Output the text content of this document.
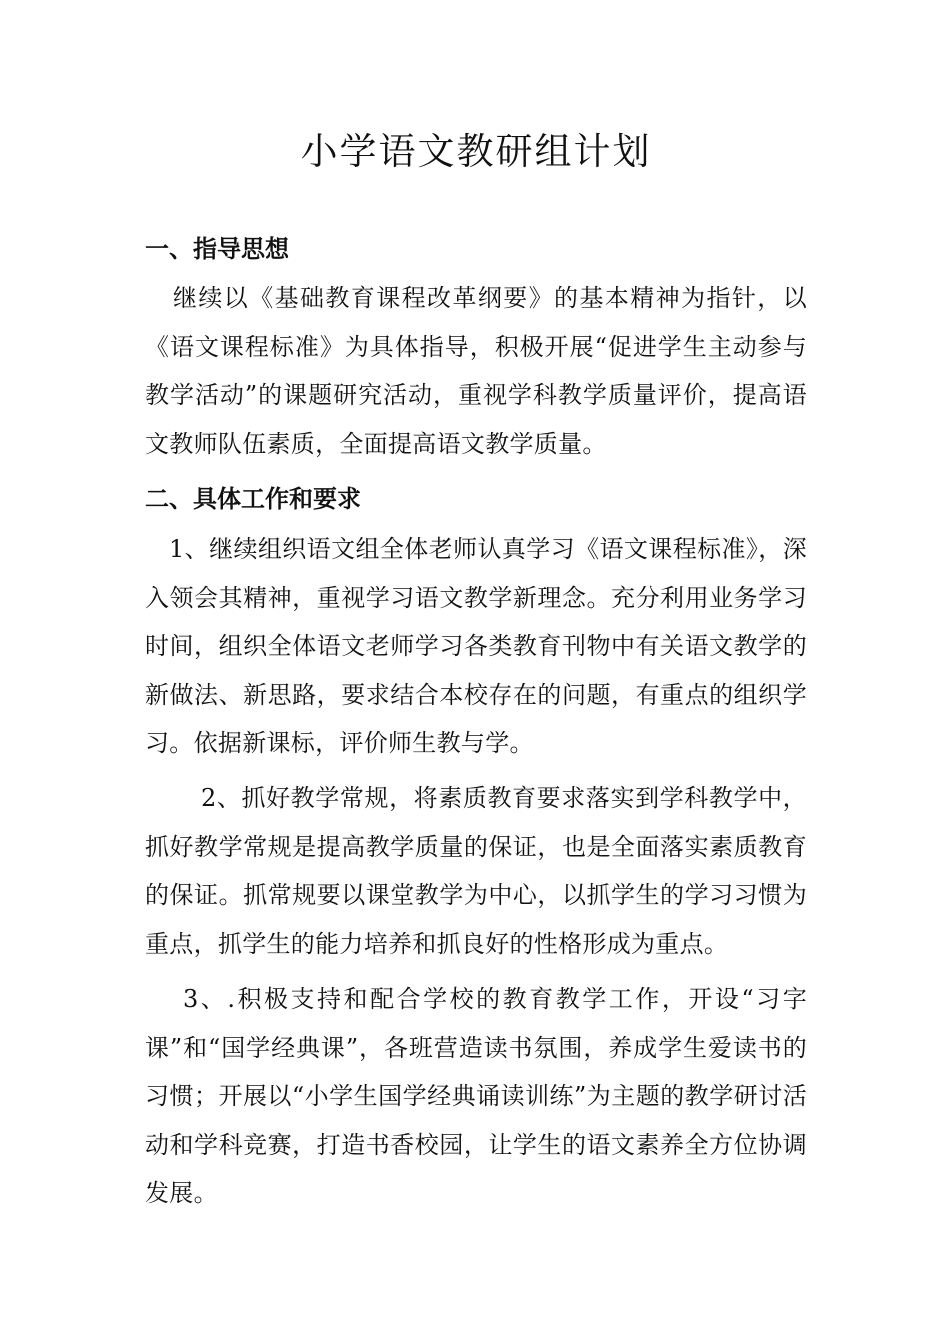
小学语文教研组计划
一、指导思想

继续以《基础教育课程改革纲要》的基本精神为指针，以《语文课程标准》为具体指导，积极开展“促进学生主动参与教学活动”的课题研究活动，重视学科教学质量评价，提高语文教师队伍素质，全面提高语文教学质量。

二、具体工作和要求

1、继续组织语文组全体老师认真学习《语文课程标准》，深入领会其精神，重视学习语文教学新理念。充分利用业务学习时间，组织全体语文老师学习各类教育刊物中有关语文教学的新做法、新思路，要求结合本校存在的问题，有重点的组织学习。依据新课标，评价师生教与学。

2、抓好教学常规，将素质教育要求落实到学科教学中，抓好教学常规是提高教学质量的保证，也是全面落实素质教育的保证。抓常规要以课堂教学为中心，以抓学生的学习习惯为重点，抓学生的能力培养和抓良好的性格形成为重点。

3、.积极支持和配合学校的教育教学工作，开设“习字课”和“国学经典课”，各班营造读书氛围，养成学生爱读书的习惯；开展以“小学生国学经典诵读训练”为主题的教学研讨活动和学科竞赛，打造书香校园，让学生的语文素养全方位协调发展。
